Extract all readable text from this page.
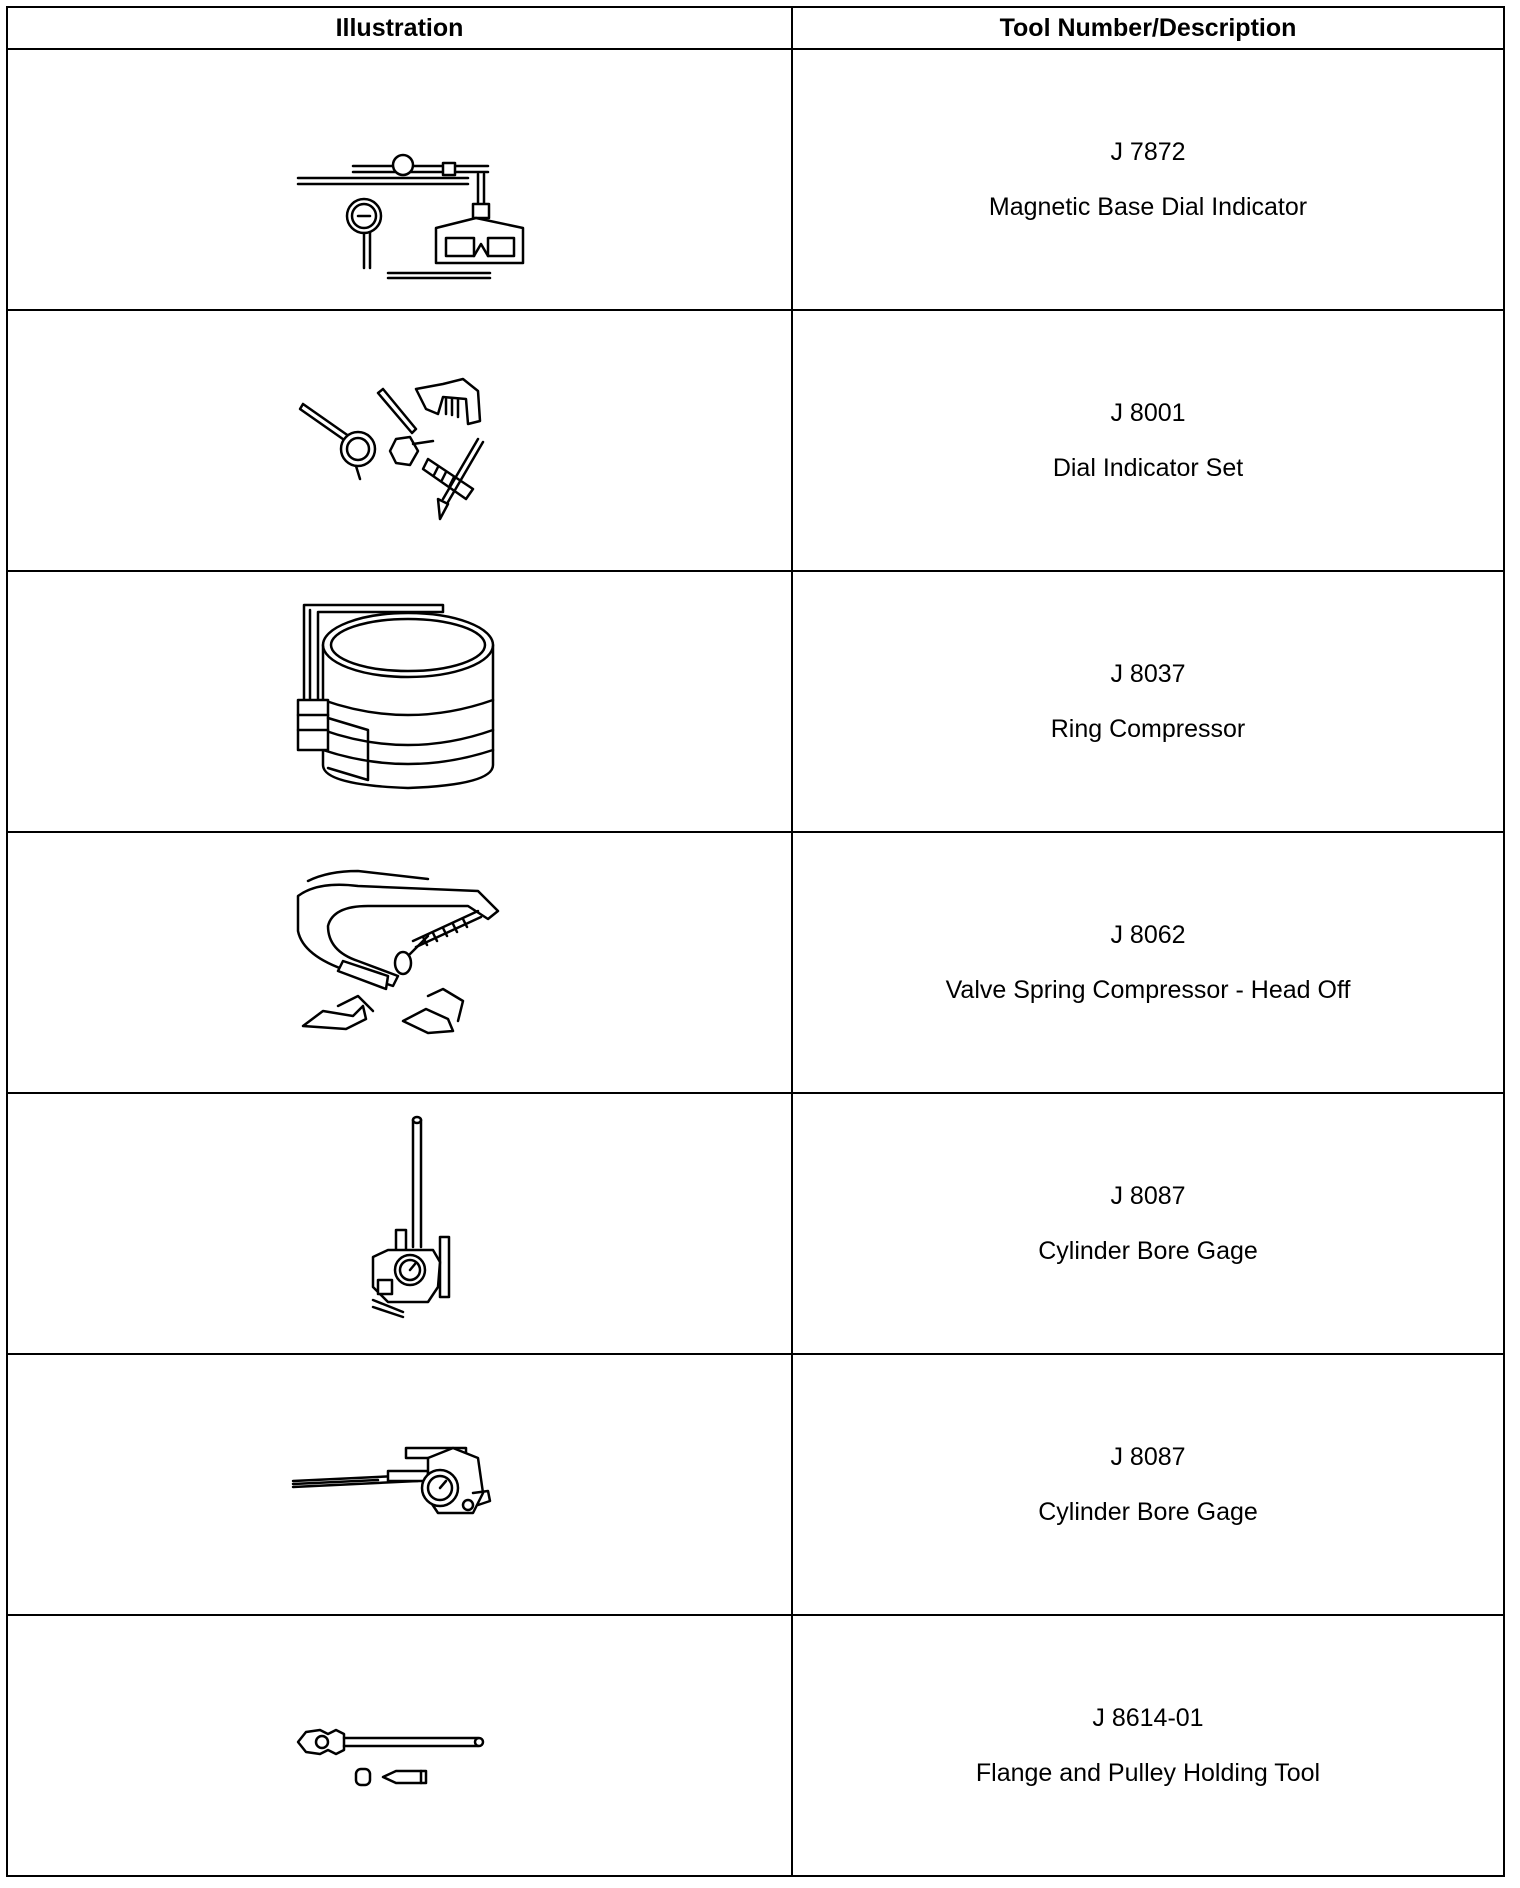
Illustration	Tool Number/Description

J 7872
Magnetic Base Dial Indicator

J 8001
Dial Indicator Set

J 8037
Ring Compressor

J 8062
Valve Spring Compressor - Head Off

J 8087
Cylinder Bore Gage

J 8087
Cylinder Bore Gage

J 8614-01
Flange and Pulley Holding Tool
